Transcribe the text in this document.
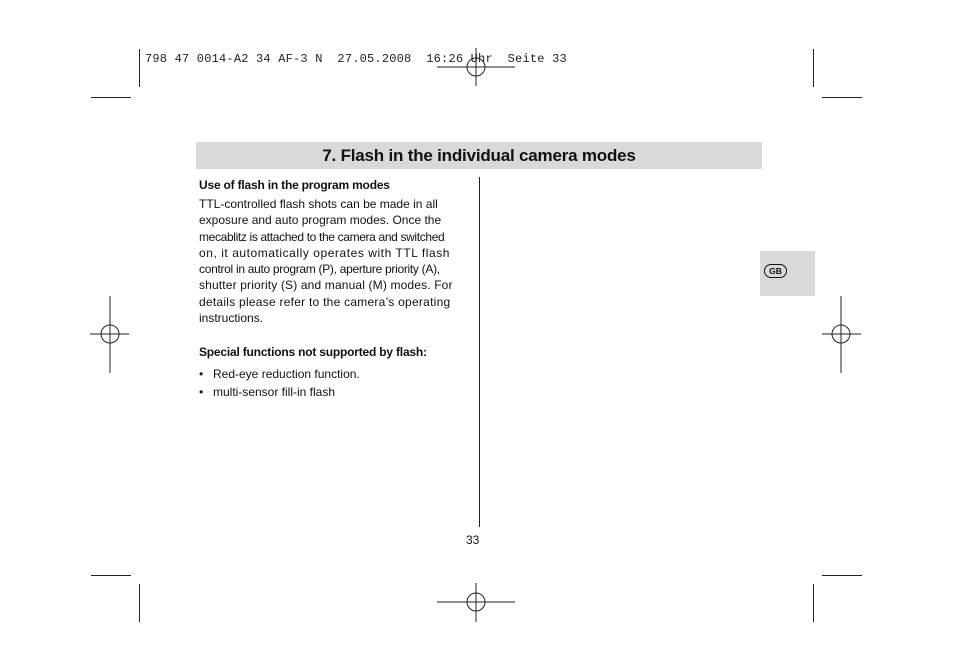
798 47 0014-A2 34 AF-3 N  27.05.2008  16:26 Uhr  Seite 33
7. Flash in the individual camera modes
Use of flash in the program modes
TTL-controlled flash shots can be made in all
exposure and auto program modes. Once the
mecablitz is attached to the camera and switched
on, it automatically operates with TTL flash
control in auto program (P), aperture priority (A),
shutter priority (S) and manual (M) modes. For
details please refer to the camera’s operating
instructions.
Special functions not supported by flash:
• Red-eye reduction function.
• multi-sensor fill-in flash
GB
33
